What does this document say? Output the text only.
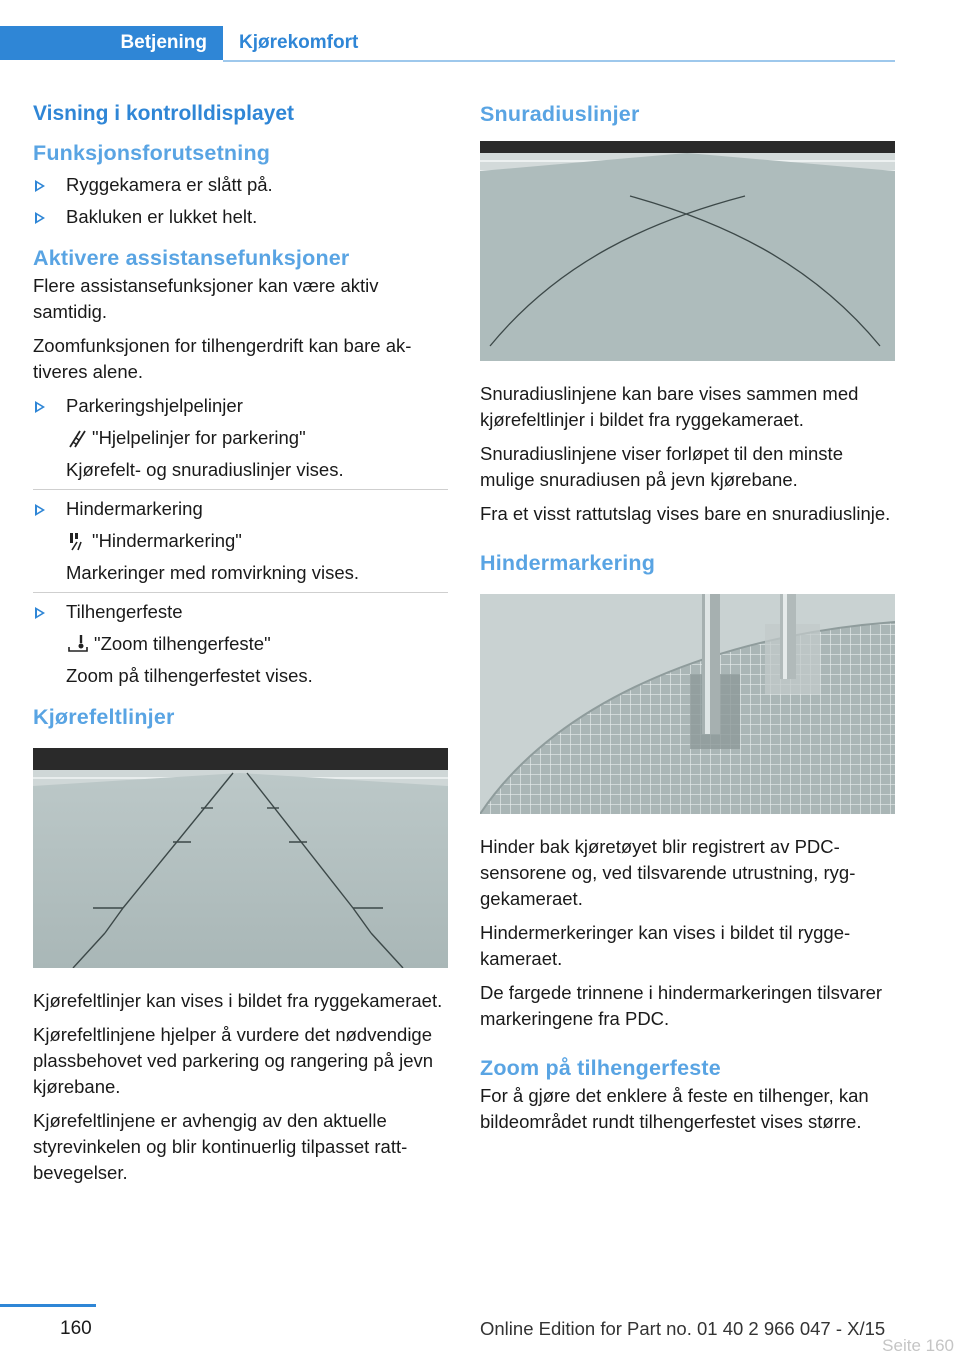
Betjening	Kjørekomfort
Visning i kontrolldisplayet
Funksjonsforutsetning
Ryggekamera er slått på.
Bakluken er lukket helt.
Aktivere assistansefunksjoner

Flere assistansefunksjoner kan være aktiv samtidig.

Zoomfunksjonen for tilhengerdrift kan bare aktiveres alene.

Parkeringshjelpelinjer
"Hjelpelinjer for parkering"
Kjørefelt- og snuradiuslinjer vises.
Hindermarkering
"Hindermarkering"
Markeringer med romvirkning vises.
Tilhengerfeste
"Zoom tilhengerfeste"
Zoom på tilhengerfestet vises.
Kjørefeltlinjer

Kjørefeltlinjer kan vises i bildet fra ryggekameraet.

Kjørefeltlinjene hjelper å vurdere det nødvendige plassbehovet ved parkering og rangering på jevn kjørebane.

Kjørefeltlinjene er avhengig av den aktuelle styrevinkelen og blir kontinuerlig tilpasset rattbevegelser.

Snuradiuslinjer

Snuradiuslinjene kan bare vises sammen med kjørefeltlinjer i bildet fra ryggekameraet.

Snuradiuslinjene viser forløpet til den minste mulige snuradiusen på jevn kjørebane.

Fra et visst rattutslag vises bare en snuradiuslinje.

Hindermarkering

Hinder bak kjøretøyet blir registrert av PDC-sensorene og, ved tilsvarende utrustning, ryggekameraet.

Hindermerkeringer kan vises i bildet til ryggekameraet.

De fargede trinnene i hindermarkeringen tilsvarer markeringene fra PDC.

Zoom på tilhengerfeste

For å gjøre det enklere å feste en tilhenger, kan bildeområdet rundt tilhengerfestet vises større.

160	Online Edition for Part no. 01 40 2 966 047 - X/15
Seite 160
